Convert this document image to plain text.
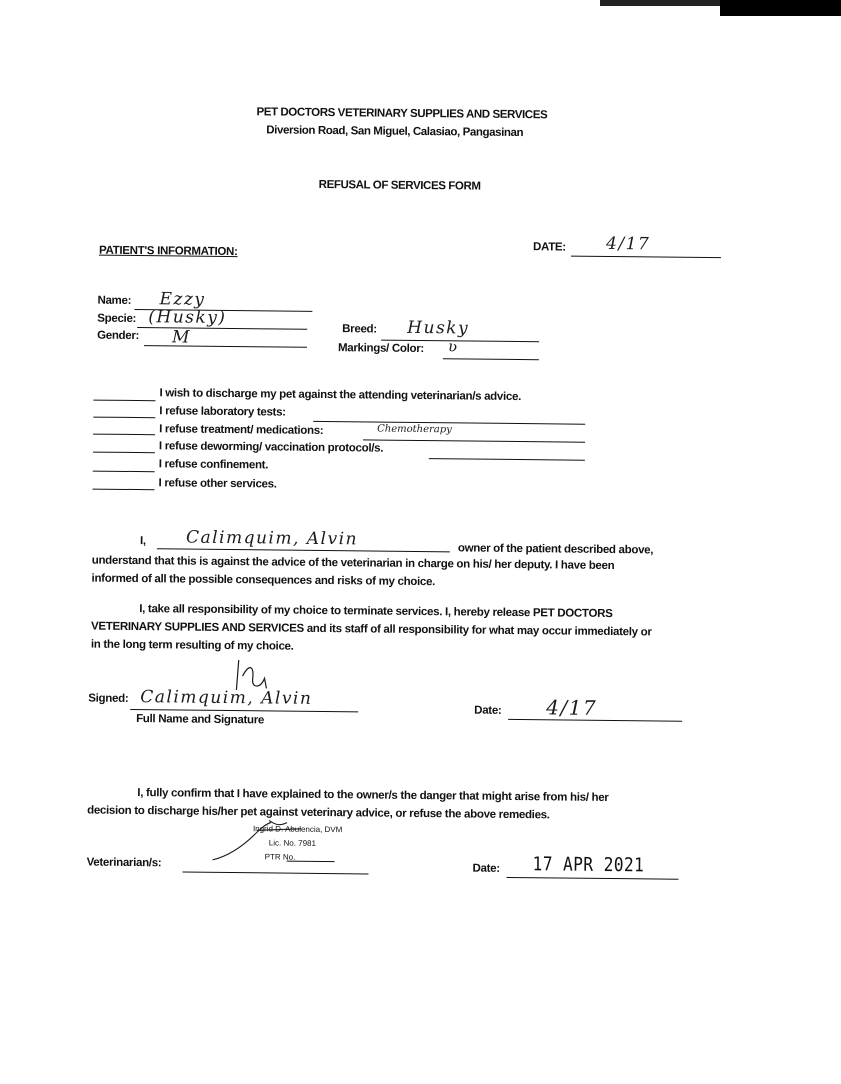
PET DOCTORS VETERINARY SUPPLIES AND SERVICES
Diversion Road, San Miguel, Calasiao, Pangasinan
REFUSAL OF SERVICES FORM
PATIENT'S INFORMATION:	DATE: 4/17
Name: Ezzy
Specie: (Husky)
Gender: M	Breed: Husky
Markings/ Color: ʋ
I wish to discharge my pet against the attending veterinarian/s advice.
I refuse laboratory tests:
I refuse treatment/ medications:	Chemotherapy
I refuse deworming/ vaccination protocol/s.
I refuse confinement.
I refuse other services.
I, Calimquim, Alvin
owner of the patient described above,
understand that this is against the advice of the veterinarian in charge on his/ her deputy. I have been
informed of all the possible consequences and risks of my choice.
I, take all responsibility of my choice to terminate services. I, hereby release PET DOCTORS
VETERINARY SUPPLIES AND SERVICES and its staff of all responsibility for what may occur immediately or
in the long term resulting of my choice.
Signed: Calimquim, Alvin
Full Name and Signature
Date: 4/17
I, fully confirm that I have explained to the owner/s the danger that might arise from his/ her
decision to discharge his/her pet against veterinary advice, or refuse the above remedies.
Veterinarian/s:
Ingrid D. Abulencia, DVM
Lic. No. 7981
PTR No.
Date: 17 APR 2021
